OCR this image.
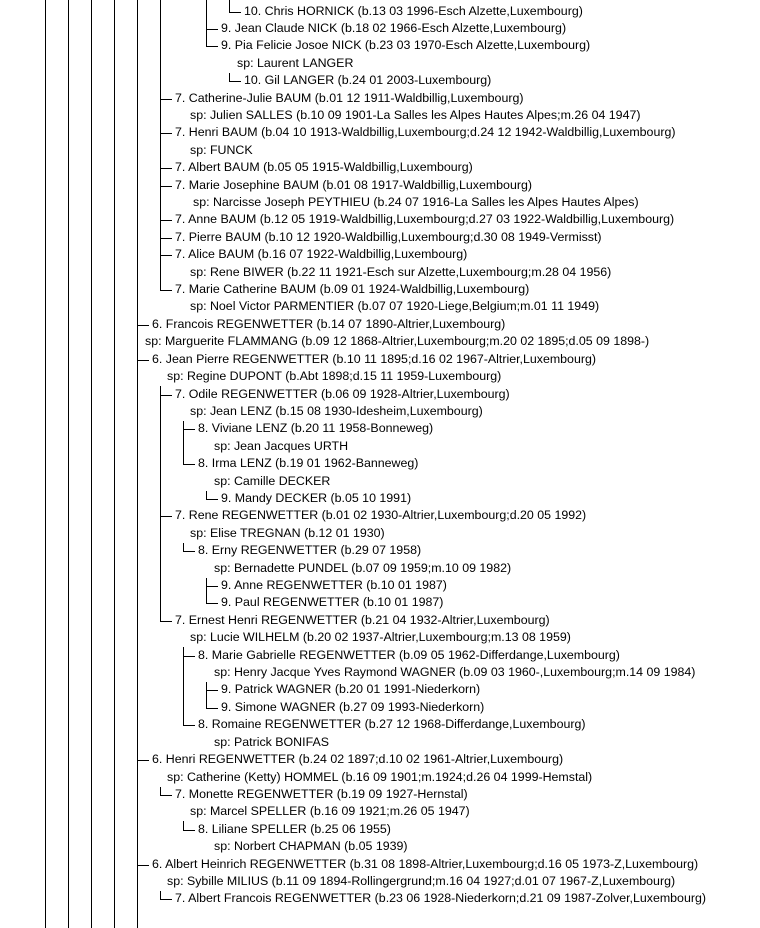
10. Chris HORNICK (b.13 03 1996-Esch Alzette,Luxembourg)
9. Jean Claude NICK (b.18 02 1966-Esch Alzette,Luxembourg)
9. Pia Felicie Josoe NICK (b.23 03 1970-Esch Alzette,Luxembourg)
sp: Laurent LANGER
10. Gil LANGER (b.24 01 2003-Luxembourg)
7. Catherine-Julie BAUM (b.01 12 1911-Waldbillig,Luxembourg)
sp: Julien SALLES (b.10 09 1901-La Salles les Alpes Hautes Alpes;m.26 04 1947)
7. Henri BAUM (b.04 10 1913-Waldbillig,Luxembourg;d.24 12 1942-Waldbillig,Luxembourg)
sp: FUNCK
7. Albert BAUM (b.05 05 1915-Waldbillig,Luxembourg)
7. Marie Josephine BAUM (b.01 08 1917-Waldbillig,Luxembourg)
sp: Narcisse Joseph PEYTHIEU (b.24 07 1916-La Salles les Alpes Hautes Alpes)
7. Anne BAUM (b.12 05 1919-Waldbillig,Luxembourg;d.27 03 1922-Waldbillig,Luxembourg)
7. Pierre BAUM (b.10 12 1920-Waldbillig,Luxembourg;d.30 08 1949-Vermisst)
7. Alice BAUM (b.16 07 1922-Waldbillig,Luxembourg)
sp: Rene BIWER (b.22 11 1921-Esch sur Alzette,Luxembourg;m.28 04 1956)
7. Marie Catherine BAUM (b.09 01 1924-Waldbillig,Luxembourg)
sp: Noel Victor PARMENTIER (b.07 07 1920-Liege,Belgium;m.01 11 1949)
6. Francois REGENWETTER (b.14 07 1890-Altrier,Luxembourg)
sp: Marguerite FLAMMANG (b.09 12 1868-Altrier,Luxembourg;m.20 02 1895;d.05 09 1898-)
6. Jean Pierre REGENWETTER (b.10 11 1895;d.16 02 1967-Altrier,Luxembourg)
sp: Regine DUPONT (b.Abt 1898;d.15 11 1959-Luxembourg)
7. Odile REGENWETTER (b.06 09 1928-Altrier,Luxembourg)
sp: Jean LENZ (b.15 08 1930-Idesheim,Luxembourg)
8. Viviane LENZ (b.20 11 1958-Bonneweg)
sp: Jean Jacques URTH
8. Irma LENZ (b.19 01 1962-Banneweg)
sp: Camille DECKER
9. Mandy DECKER (b.05 10 1991)
7. Rene REGENWETTER (b.01 02 1930-Altrier,Luxembourg;d.20 05 1992)
sp: Elise TREGNAN (b.12 01 1930)
8. Erny REGENWETTER (b.29 07 1958)
sp: Bernadette PUNDEL (b.07 09 1959;m.10 09 1982)
9. Anne REGENWETTER (b.10 01 1987)
9. Paul REGENWETTER (b.10 01 1987)
7. Ernest Henri REGENWETTER (b.21 04 1932-Altrier,Luxembourg)
sp: Lucie WILHELM (b.20 02 1937-Altrier,Luxembourg;m.13 08 1959)
8. Marie Gabrielle REGENWETTER (b.09 05 1962-Differdange,Luxembourg)
sp: Henry Jacque Yves Raymond WAGNER (b.09 03 1960-,Luxembourg;m.14 09 1984)
9. Patrick WAGNER (b.20 01 1991-Niederkorn)
9. Simone WAGNER (b.27 09 1993-Niederkorn)
8. Romaine REGENWETTER (b.27 12 1968-Differdange,Luxembourg)
sp: Patrick BONIFAS
6. Henri REGENWETTER (b.24 02 1897;d.10 02 1961-Altrier,Luxembourg)
sp: Catherine (Ketty) HOMMEL (b.16 09 1901;m.1924;d.26 04 1999-Hemstal)
7. Monette REGENWETTER (b.19 09 1927-Hernstal)
sp: Marcel SPELLER (b.16 09 1921;m.26 05 1947)
8. Liliane SPELLER (b.25 06 1955)
sp: Norbert CHAPMAN (b.05 1939)
6. Albert Heinrich REGENWETTER (b.31 08 1898-Altrier,Luxembourg;d.16 05 1973-Z,Luxembourg)
sp: Sybille MILIUS (b.11 09 1894-Rollingergrund;m.16 04 1927;d.01 07 1967-Z,Luxembourg)
7. Albert Francois REGENWETTER (b.23 06 1928-Niederkorn;d.21 09 1987-Zolver,Luxembourg)
